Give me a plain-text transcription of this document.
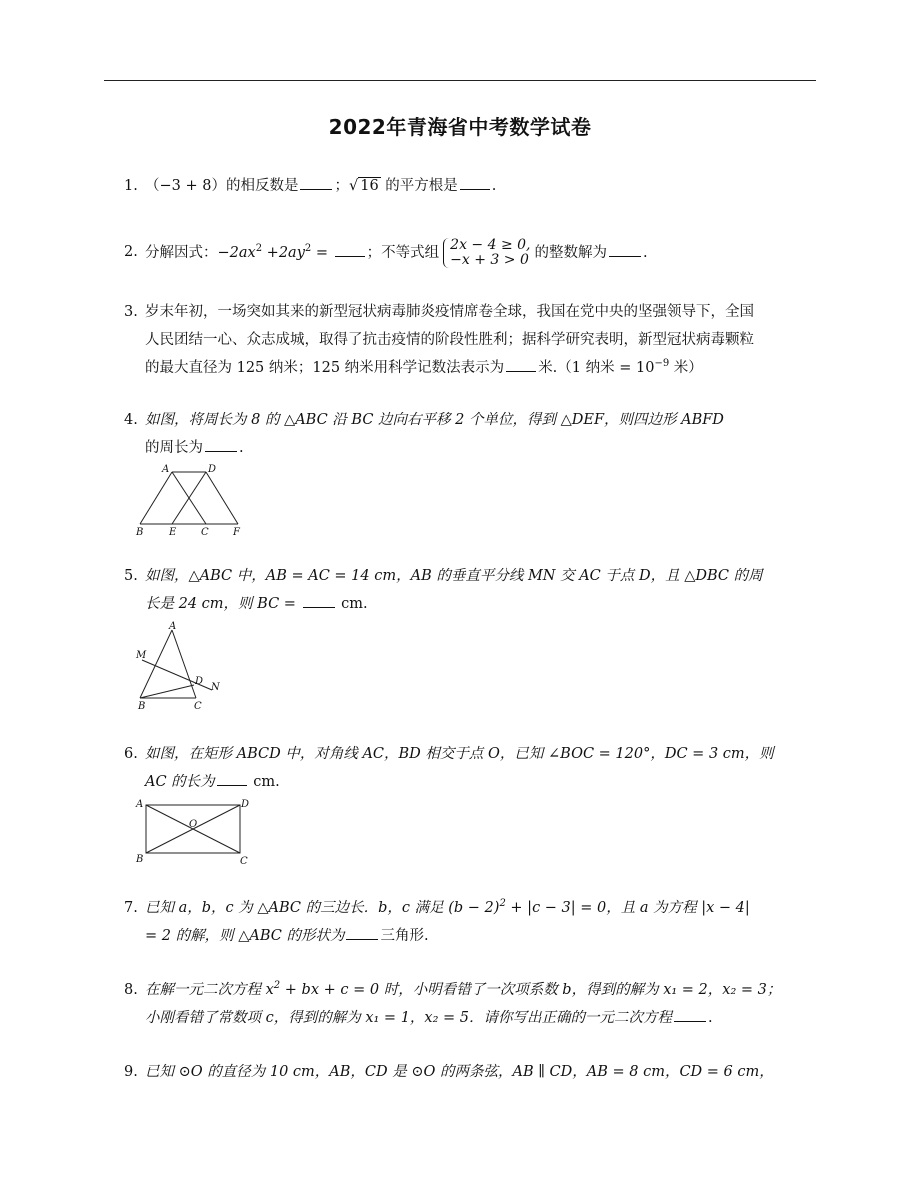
2022年青海省中考数学试卷
1. （−3 + 8）的相反数是 ；√ 16 的平方根是 .
2. 分解因式：$-2ax^2 +2ay^2$ = ；不等式组 2x − 4 ≥ 0,
−x + 3 > 0 的整数解为 .
3. 岁末年初，一场突如其来的新型冠状病毒肺炎疫情席卷全球，我国在党中央的坚强领导下，全国
人民团结一心、众志成城，取得了抗击疫情的阶段性胜利；据科学研究表明，新型冠状病毒颗粒
的最大直径为 125 纳米；125 纳米用科学记数法表示为 米.（1 纳米 = $10^{-9}$ 米）
4. 如图，将周长为 8 的 △ABC 沿 BC 边向右平移 2 个单位，得到 △DEF，则四边形 ABFD
的周长为 .
A	D
B	E C F
5. 如图，△ABC 中，AB = AC = 14 cm，AB 的垂直平分线 MN 交 AC 于点 D，且 △DBC 的周
长是 24 cm，则 BC =  cm.
A
M
D
N
B	C
6. 如图，在矩形 ABCD 中，对角线 AC，BD 相交于点 O，已知 ∠BOC = 120°，DC = 3 cm，则
AC 的长为 cm.
A	D
O
B	C
7. 已知 a，b，c 为 △ABC 的三边长．b，c 满足 $(b - 2)^2 + |c - 3| = 0$，且 a 为方程 |x − 4|
= 2 的解，则 △ABC 的形状为 三角形.
8. 在解一元二次方程 $x^2$ + bx + c = 0 时，小明看错了一次项系数 b，得到的解为 x₁ = 2，x₂ = 3；
小刚看错了常数项 c，得到的解为 x₁ = 1，x₂ = 5．请你写出正确的一元二次方程 .
9. 已知 ⊙O 的直径为 10 cm，AB，CD 是 ⊙O 的两条弦，AB ∥ CD，AB = 8 cm，CD = 6 cm，
